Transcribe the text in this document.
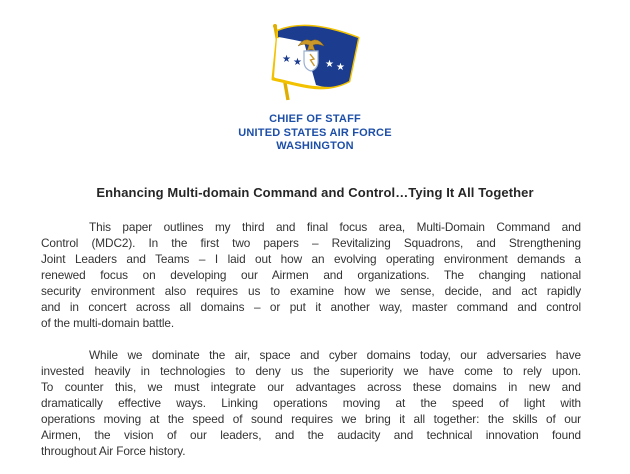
★ ★ ★ ★
CHIEF OF STAFF
UNITED STATES AIR FORCE
WASHINGTON
Enhancing Multi-domain Command and Control…Tying It All Together
This paper outlines my third and final focus area, Multi-Domain Command and
Control (MDC2). In the first two papers – Revitalizing Squadrons, and Strengthening
Joint Leaders and Teams – I laid out how an evolving operating environment demands a
renewed focus on developing our Airmen and organizations. The changing national
security environment also requires us to examine how we sense, decide, and act rapidly
and in concert across all domains – or put it another way, master command and control
of the multi-domain battle.
While we dominate the air, space and cyber domains today, our adversaries have
invested heavily in technologies to deny us the superiority we have come to rely upon.
To counter this, we must integrate our advantages across these domains in new and
dramatically effective ways. Linking operations moving at the speed of light with
operations moving at the speed of sound requires we bring it all together: the skills of our
Airmen, the vision of our leaders, and the audacity and technical innovation found
throughout Air Force history.
